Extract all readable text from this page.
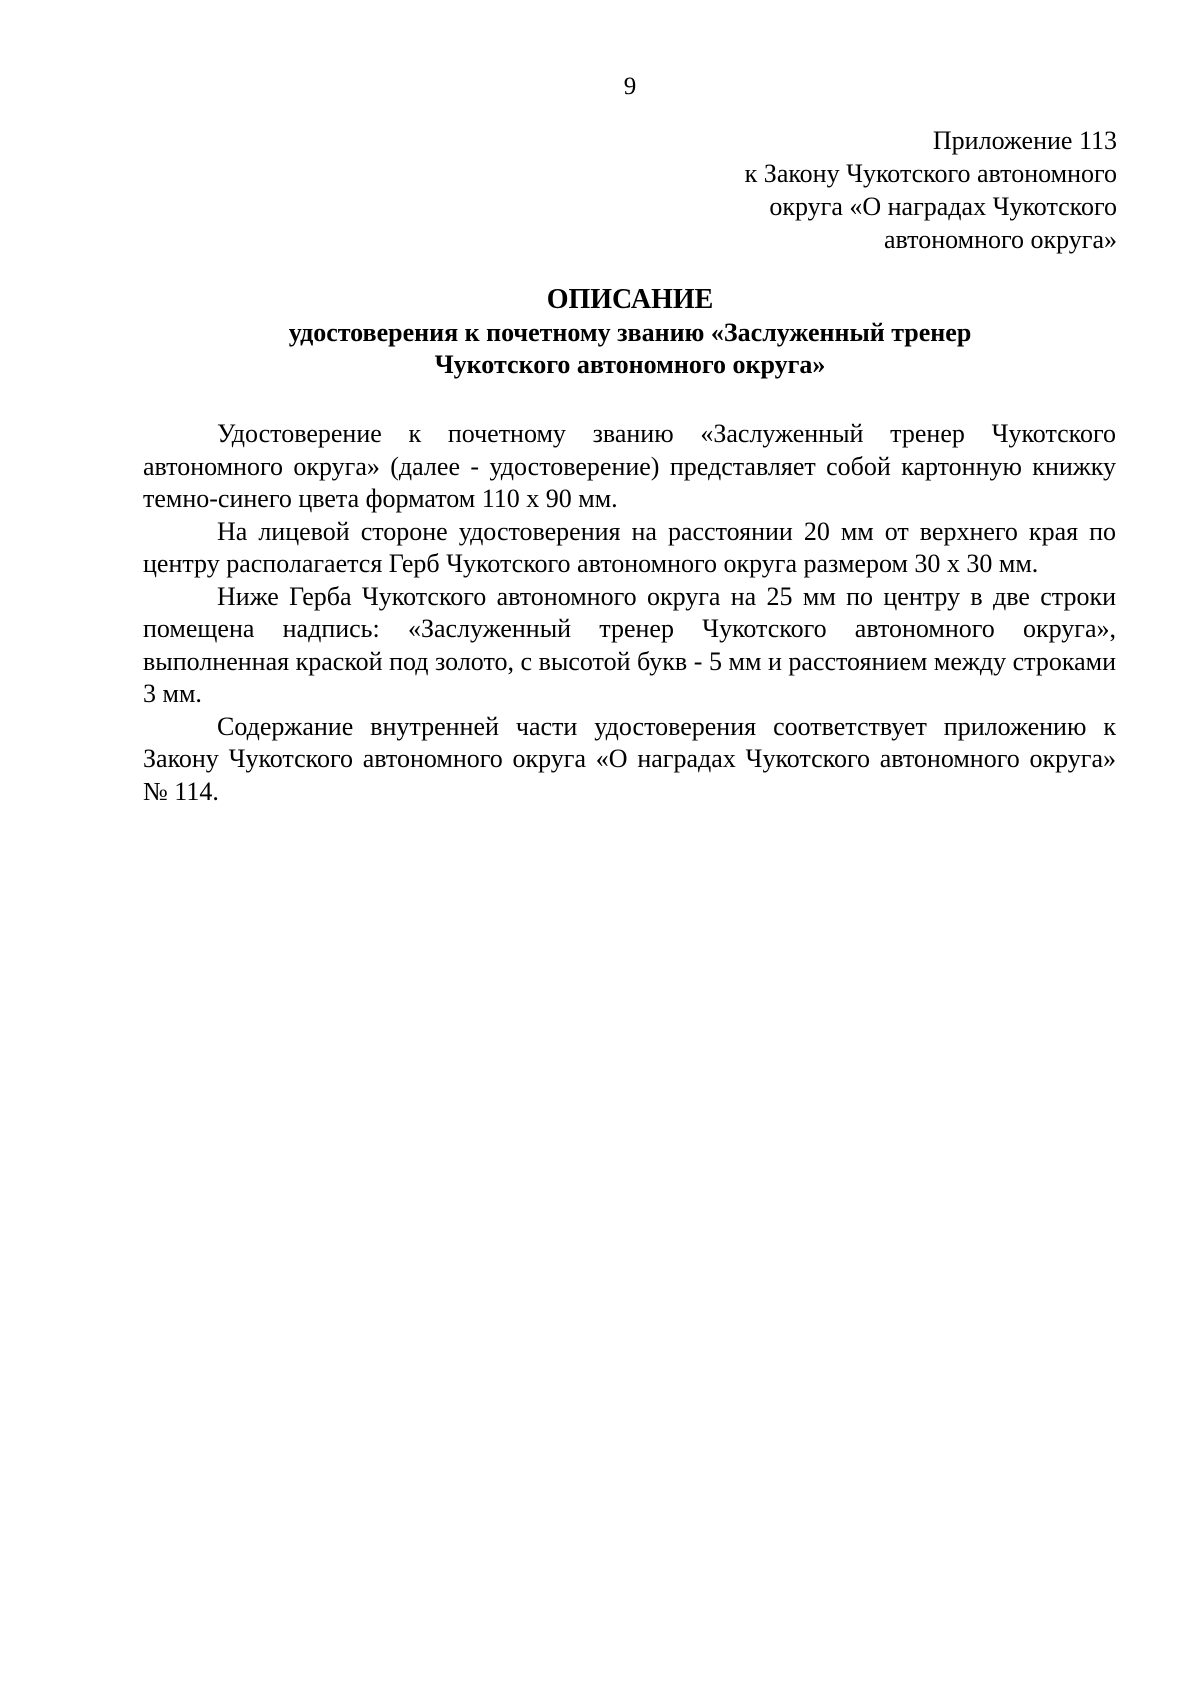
9
Приложение 113
к Закону Чукотского автономного
округа «О наградах Чукотского
автономного округа»
ОПИСАНИЕ
удостоверения к почетному званию «Заслуженный тренер
Чукотского автономного округа»

Удостоверение к почетному званию «Заслуженный тренер Чукотского автономного округа» (далее - удостоверение) представляет собой картонную книжку темно-синего цвета форматом 110 х 90 мм.

На лицевой стороне удостоверения на расстоянии 20 мм от верхнего края по центру располагается Герб Чукотского автономного округа размером 30 х 30 мм.

Ниже Герба Чукотского автономного округа на 25 мм по центру в две строки помещена надпись: «Заслуженный тренер Чукотского автономного округа», выполненная краской под золото, с высотой букв - 5 мм и расстоянием между строками 3 мм.

Содержание внутренней части удостоверения соответствует приложению к Закону Чукотского автономного округа «О наградах Чукотского автономного округа» № 114.
